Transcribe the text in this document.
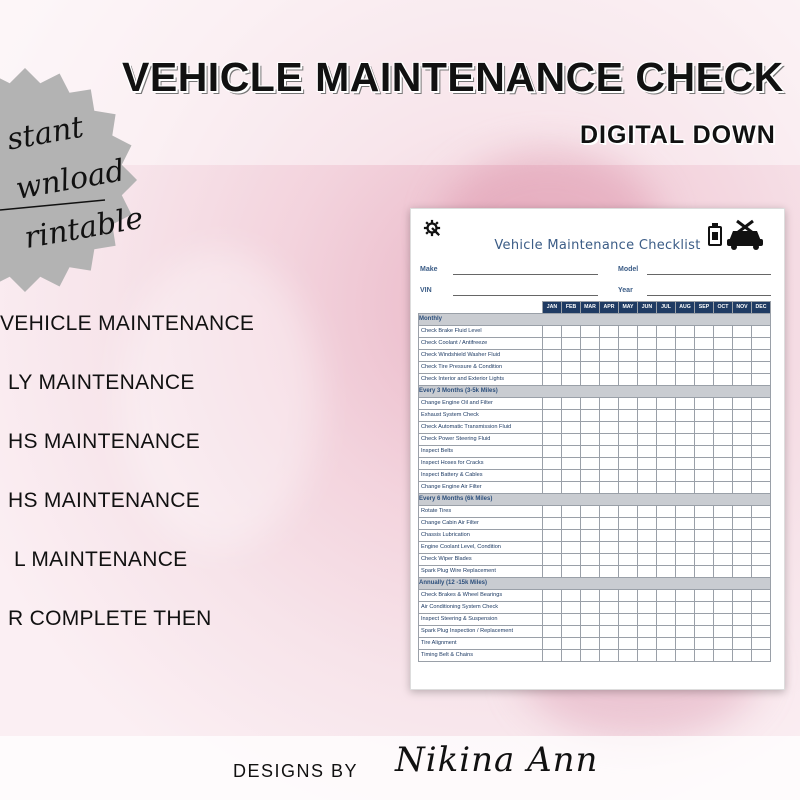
VEHICLE MAINTENANCE CHECK
DIGITAL DOWN
stant
wnload
rintable
VEHICLE MAINTENANCE
LY MAINTENANCE
HS MAINTENANCE
HS MAINTENANCE
L MAINTENANCE
R COMPLETE THEN
Vehicle Maintenance Checklist
Make	Model
VIN	Year
	JAN	FEB	MAR	APR	MAY	JUN	JUL	AUG	SEP	OCT	NOV	DEC
Monthly												
Check Brake Fluid Level												
Check Coolant / Antifreeze												
Check Windshield Washer Fluid												
Check Tire Pressure & Condition												
Check Interior and Exterior Lights												
Every 3 Months (3-5k Miles)												
Change Engine Oil and Filter												
Exhaust System Check												
Check Automatic Transmission Fluid												
Check Power Steering Fluid												
Inspect Belts												
Inspect Hoses for Cracks												
Inspect Battery & Cables												
Change Engine Air Filter												
Every 6 Months (6k Miles)												
Rotate Tires												
Change Cabin Air Filter												
Chassis Lubrication												
Engine Coolant Level, Condition												
Check Wiper Blades												
Spark Plug Wire Replacement												
Annually (12 -15k Miles)												
Check Brakes & Wheel Bearings												
Air Conditioning System Check												
Inspect Steering & Suspension												
Spark Plug Inspection / Replacement												
Tire Alignment												
Timing Belt & Chains												
DESIGNS BY Nikina Ann
